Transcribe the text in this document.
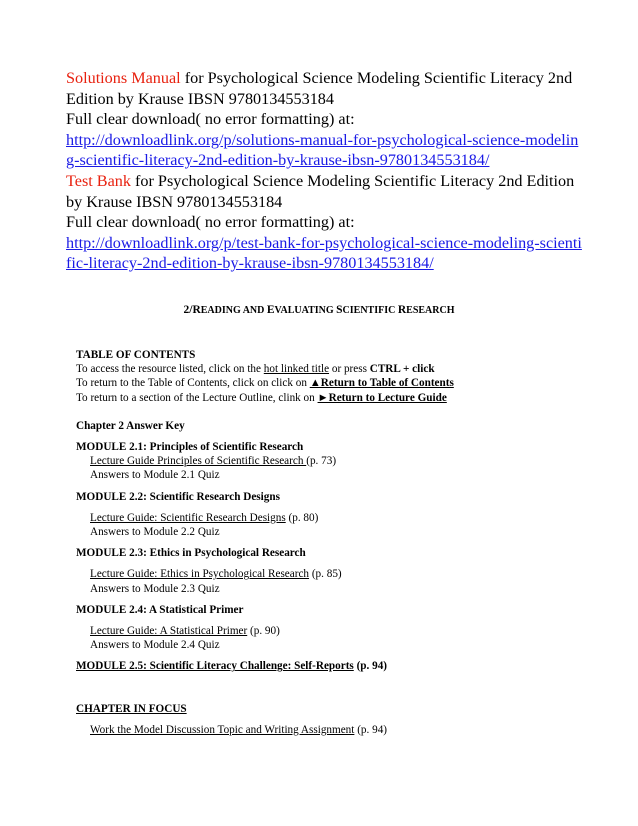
Solutions Manual for Psychological Science Modeling Scientific Literacy 2nd Edition by Krause IBSN 9780134553184

Full clear download( no error formatting) at:

http://downloadlink.org/p/solutions-manual-for-psychological-science-modeling-scientific-literacy-2nd-edition-by-krause-ibsn-9780134553184/

Test Bank for Psychological Science Modeling Scientific Literacy 2nd Edition by Krause IBSN 9780134553184

Full clear download( no error formatting) at:

http://downloadlink.org/p/test-bank-for-psychological-science-modeling-scientific-literacy-2nd-edition-by-krause-ibsn-9780134553184/

2/READING AND EVALUATING SCIENTIFIC RESEARCH

TABLE OF CONTENTS

To access the resource listed, click on the hot linked title or press CTRL + click

To return to the Table of Contents, click on click on ▲Return to Table of Contents

To return to a section of the Lecture Outline, clink on ►Return to Lecture Guide

Chapter 2 Answer Key

MODULE 2.1: Principles of Scientific Research

Lecture Guide Principles of Scientific Research (p. 73)

Answers to Module 2.1 Quiz

MODULE 2.2: Scientific Research Designs

Lecture Guide: Scientific Research Designs (p. 80)

Answers to Module 2.2 Quiz

MODULE 2.3: Ethics in Psychological Research

Lecture Guide: Ethics in Psychological Research (p. 85)

Answers to Module 2.3 Quiz

MODULE 2.4: A Statistical Primer

Lecture Guide: A Statistical Primer (p. 90)

Answers to Module 2.4 Quiz

MODULE 2.5: Scientific Literacy Challenge: Self-Reports (p. 94)

CHAPTER IN FOCUS

Work the Model Discussion Topic and Writing Assignment (p. 94)
